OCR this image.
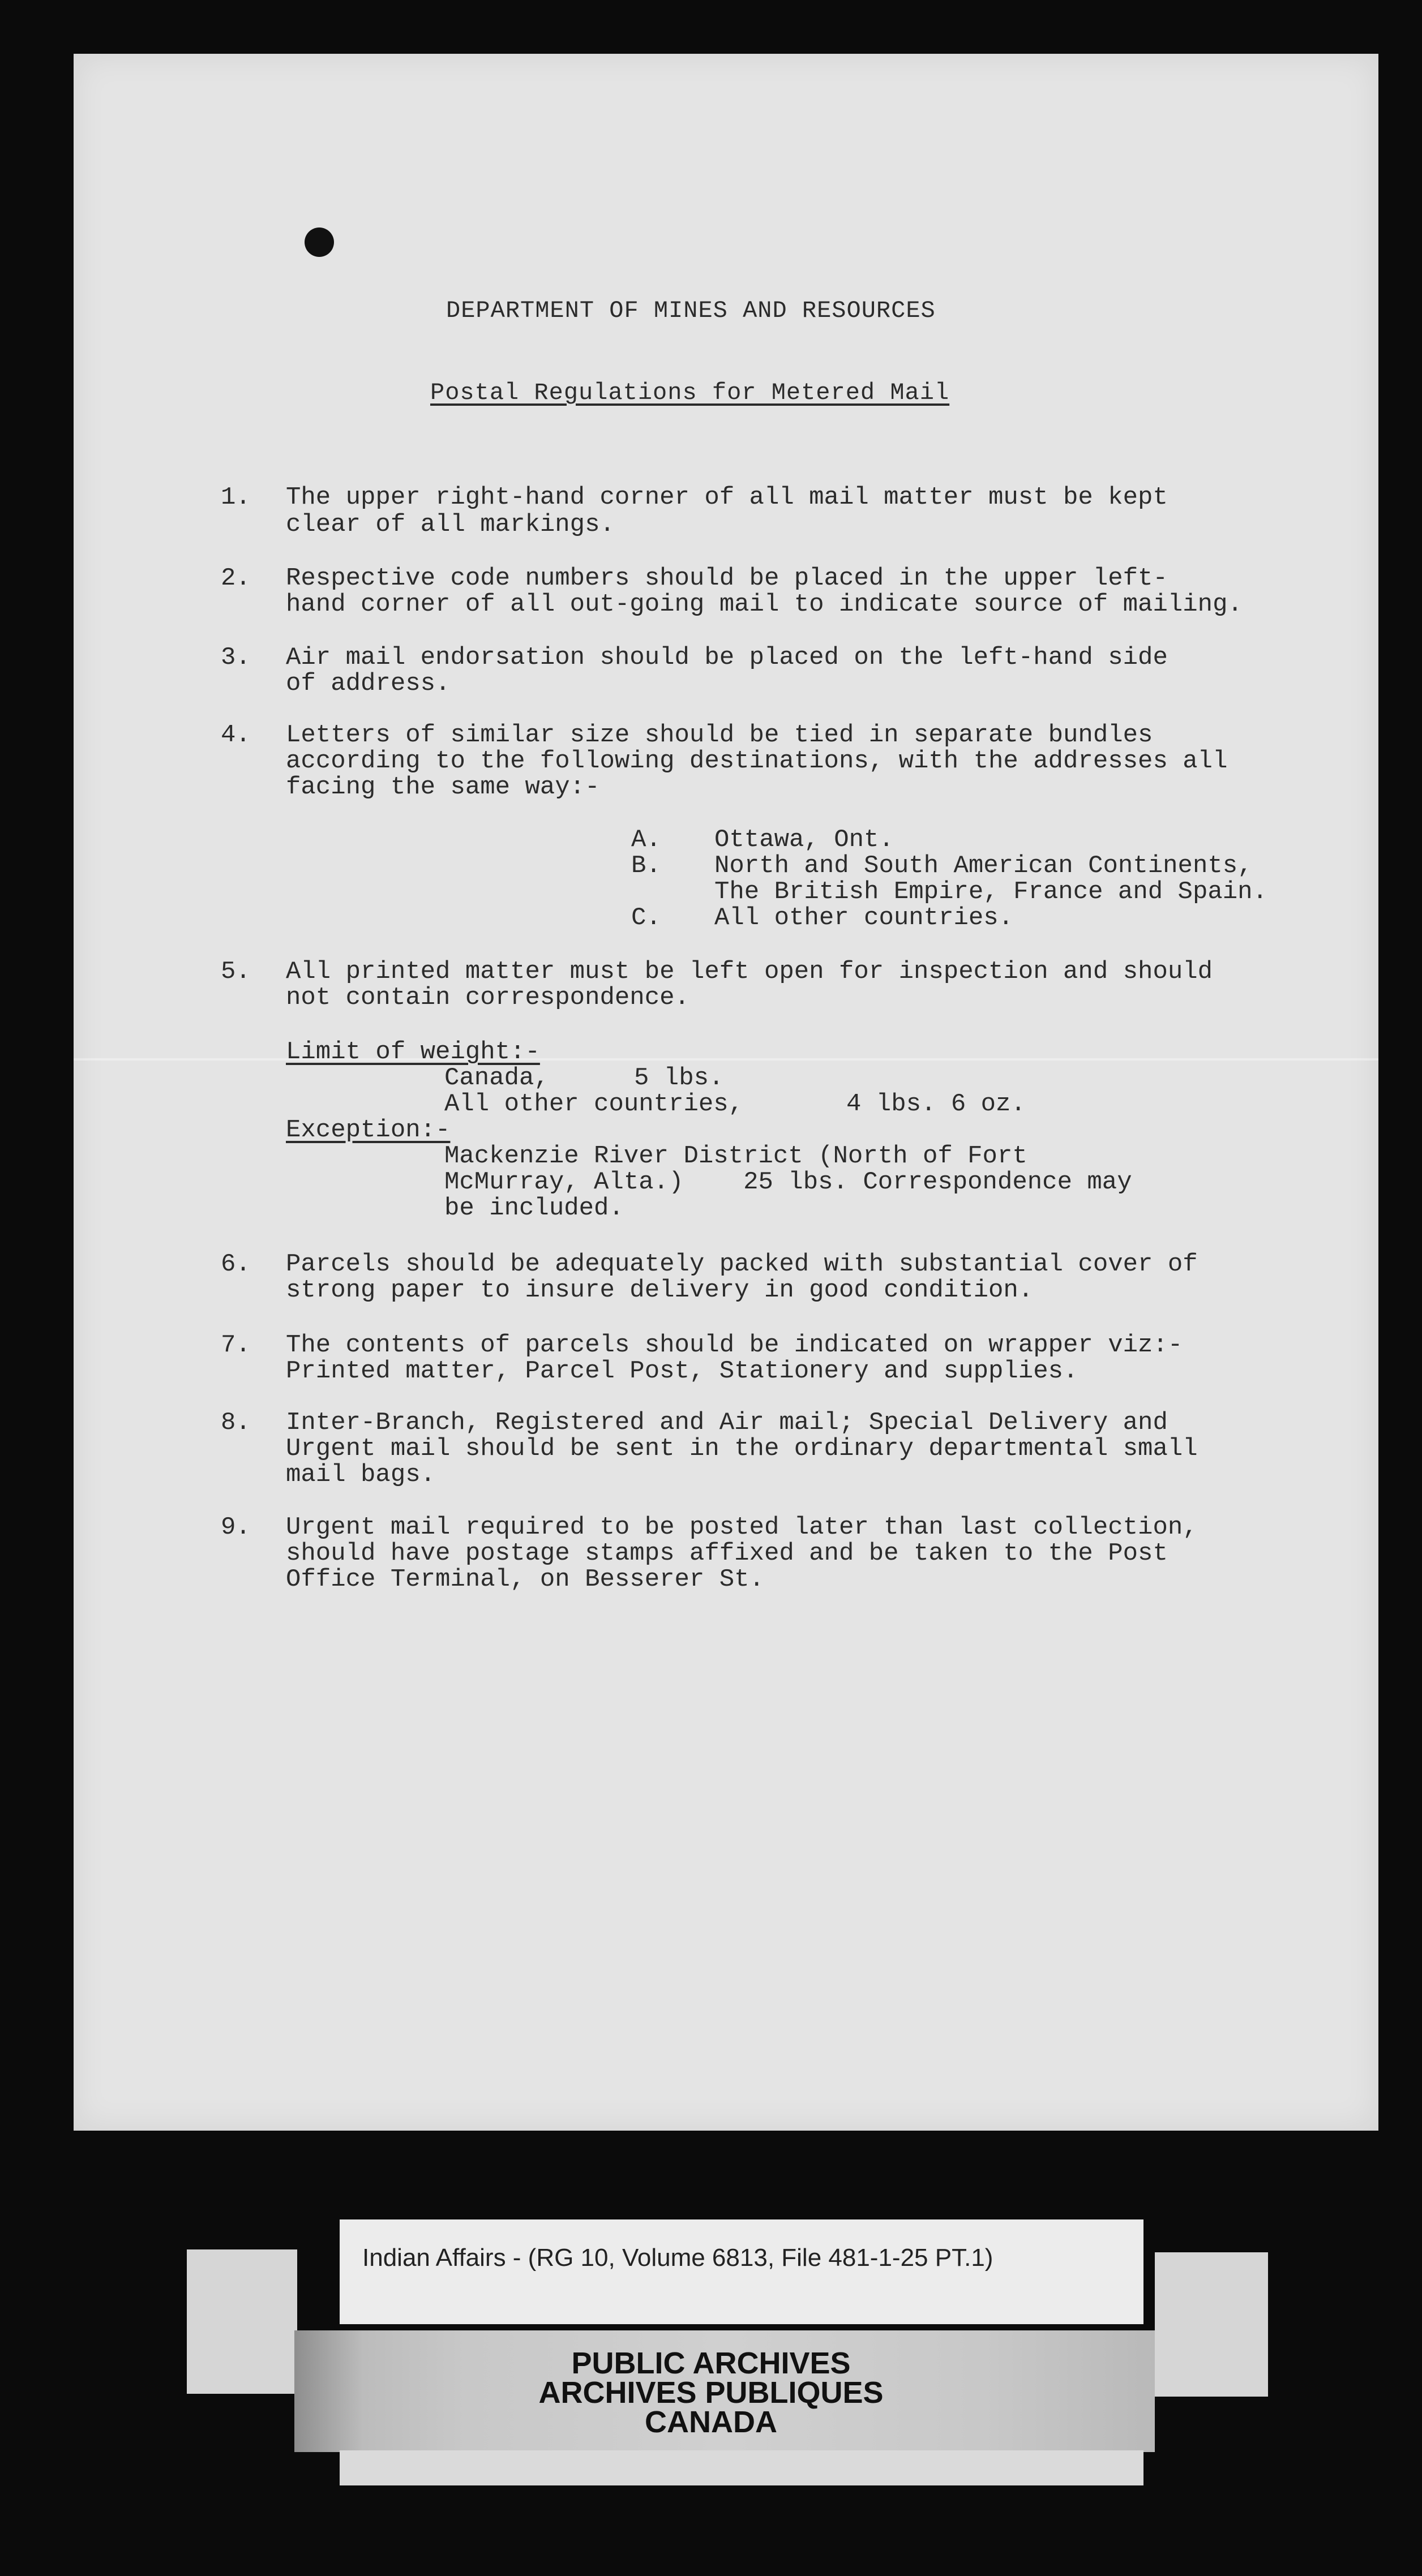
DEPARTMENT OF MINES AND RESOURCES
Postal Regulations for Metered Mail
1. The upper right-hand corner of all mail matter must be kept
clear of all markings.
2. Respective code numbers should be placed in the upper left-
hand corner of all out-going mail to indicate source of mailing.
3. Air mail endorsation should be placed on the left-hand side
of address.
4. Letters of similar size should be tied in separate bundles
according to the following destinations, with the addresses all
facing the same way:-
A. Ottawa, Ont.
B. North and South American Continents,
The British Empire, France and Spain.
C. All other countries.
5. All printed matter must be left open for inspection and should
not contain correspondence.
Limit of weight:-
Canada,	5 lbs.
All other countries,	4 lbs. 6 oz.
Exception:-
Mackenzie River District (North of Fort
McMurray, Alta.)    25 lbs. Correspondence may
be included.
6. Parcels should be adequately packed with substantial cover of
strong paper to insure delivery in good condition.
7. The contents of parcels should be indicated on wrapper viz:-
Printed matter, Parcel Post, Stationery and supplies.
8. Inter-Branch, Registered and Air mail; Special Delivery and
Urgent mail should be sent in the ordinary departmental small
mail bags.
9. Urgent mail required to be posted later than last collection,
should have postage stamps affixed and be taken to the Post
Office Terminal, on Besserer St.
Indian Affairs - (RG 10, Volume 6813, File 481-1-25 PT.1)
PUBLIC ARCHIVES
ARCHIVES PUBLIQUES
CANADA
